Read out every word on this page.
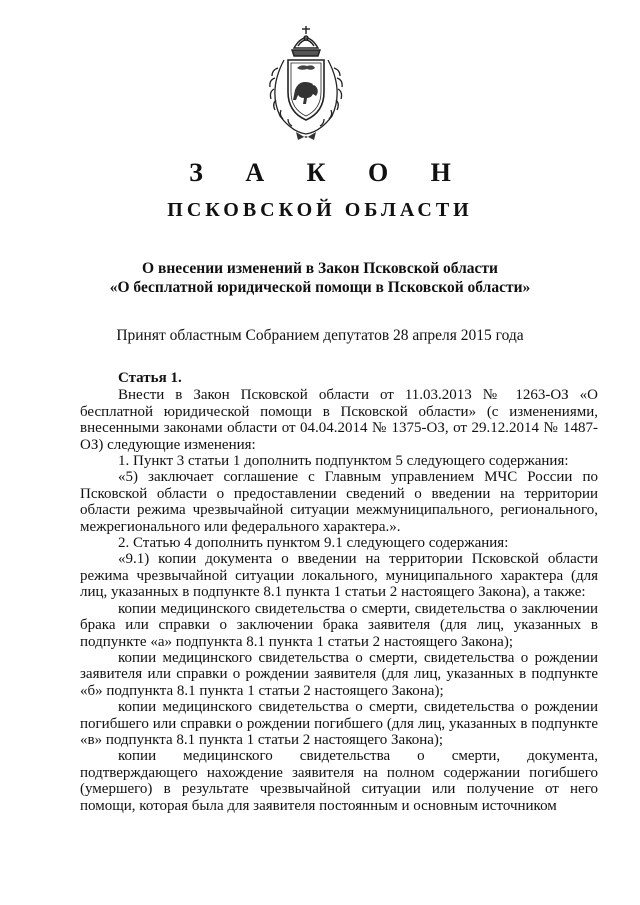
З А К О Н
ПСКОВСКОЙ ОБЛАСТИ
О внесении изменений в Закон Псковской области
«О бесплатной юридической помощи в Псковской области»
Принят областным Собранием депутатов 28 апреля 2015 года

Статья 1.

Внести в Закон Псковской области от 11.03.2013 № 1263-ОЗ «О бесплатной юридической помощи в Псковской области» (с изменениями, внесенными законами области от 04.04.2014 № 1375-ОЗ, от 29.12.2014 № 1487-ОЗ) следующие изменения:

1. Пункт 3 статьи 1 дополнить подпунктом 5 следующего содержания:

«5) заключает соглашение с Главным управлением МЧС России по Псковской области о предоставлении сведений о введении на территории области режима чрезвычайной ситуации межмуниципального, регионального, межрегионального или федерального характера.».

2. Статью 4 дополнить пунктом 9.1 следующего содержания:

«9.1) копии документа о введении на территории Псковской области режима чрезвычайной ситуации локального, муниципального характера (для лиц, указанных в подпункте 8.1 пункта 1 статьи 2 настоящего Закона), а также:

копии медицинского свидетельства о смерти, свидетельства о заключении брака или справки о заключении брака заявителя (для лиц, указанных в подпункте «а» подпункта 8.1 пункта 1 статьи 2 настоящего Закона);

копии медицинского свидетельства о смерти, свидетельства о рождении заявителя или справки о рождении заявителя (для лиц, указанных в подпункте «б» подпункта 8.1 пункта 1 статьи 2 настоящего Закона);

копии медицинского свидетельства о смерти, свидетельства о рождении погибшего или справки о рождении погибшего (для лиц, указанных в подпункте «в» подпункта 8.1 пункта 1 статьи 2 настоящего Закона);

копии медицинского свидетельства о смерти, документа, подтверждающего нахождение заявителя на полном содержании погибшего (умершего) в результате чрезвычайной ситуации или получение от него помощи, которая была для заявителя постоянным и основным источником
